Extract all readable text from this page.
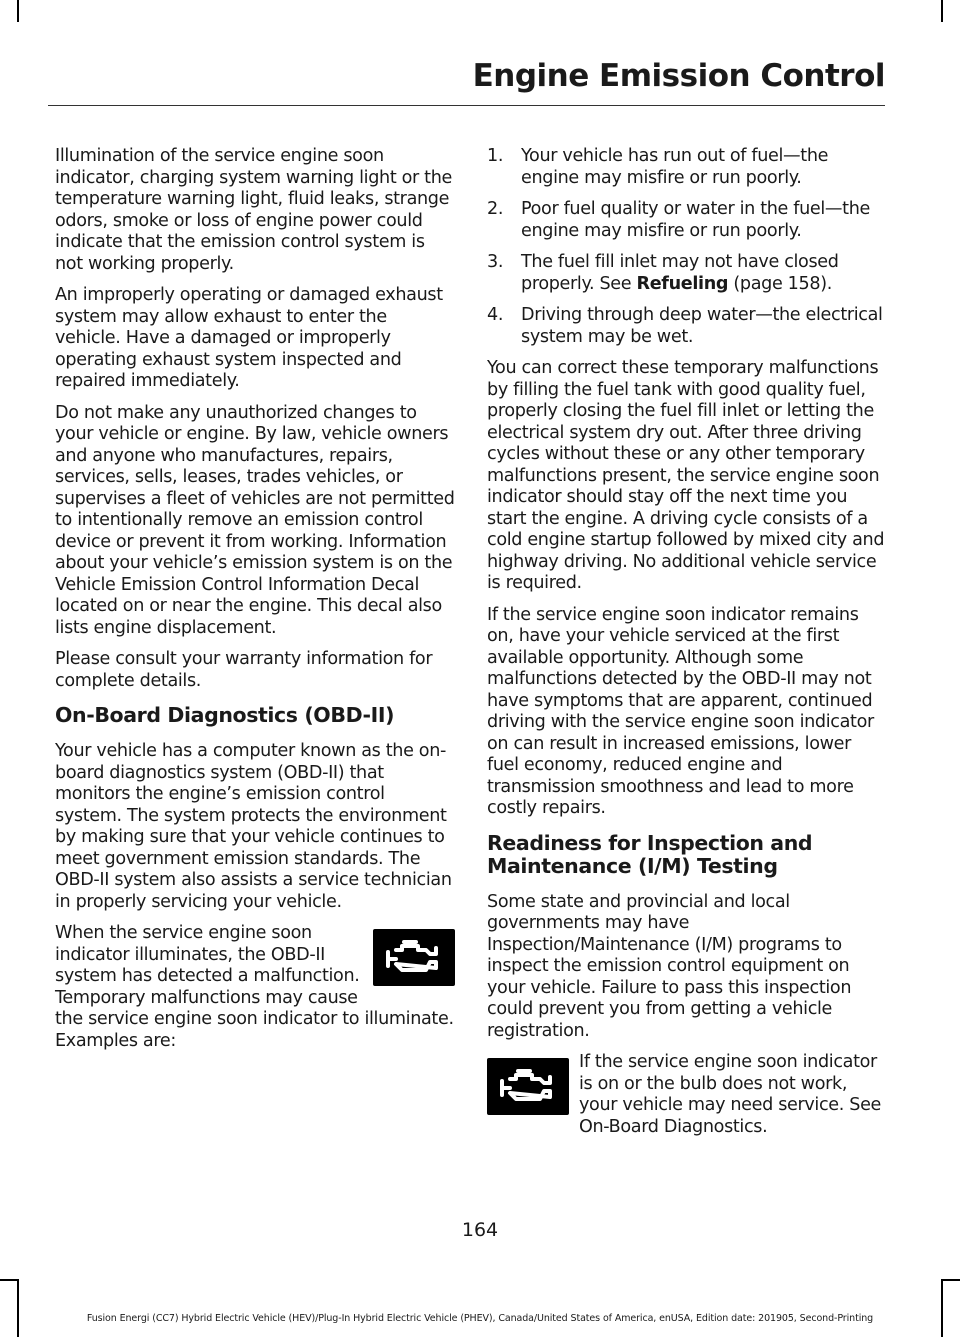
Engine Emission Control

Illumination of the service engine soon indicator, charging system warning light or the temperature warning light, fluid leaks, strange odors, smoke or loss of engine power could indicate that the emission control system is not working properly.

An improperly operating or damaged exhaust system may allow exhaust to enter the vehicle. Have a damaged or improperly operating exhaust system inspected and repaired immediately.

Do not make any unauthorized changes to your vehicle or engine. By law, vehicle owners and anyone who manufactures, repairs, services, sells, leases, trades vehicles, or supervises a fleet of vehicles are not permitted to intentionally remove an emission control device or prevent it from working. Information about your vehicle’s emission system is on the Vehicle Emission Control Information Decal located on or near the engine. This decal also lists engine displacement.

Please consult your warranty information for complete details.

On-Board Diagnostics (OBD-II)

Your vehicle has a computer known as the on-board diagnostics system (OBD-II) that monitors the engine’s emission control system. The system protects the environment by making sure that your vehicle continues to meet government emission standards. The OBD-II system also assists a service technician in properly servicing your vehicle.

When the service engine soon indicator illuminates, the OBD-II system has detected a malfunction. Temporary malfunctions may cause the service engine soon indicator to illuminate. Examples are:

1. Your vehicle has run out of fuel—the engine may misfire or run poorly.
2. Poor fuel quality or water in the fuel—the engine may misfire or run poorly.
3. The fuel fill inlet may not have closed properly. See Refueling (page 158).
4. Driving through deep water—the electrical system may be wet.

You can correct these temporary malfunctions by filling the fuel tank with good quality fuel, properly closing the fuel fill inlet or letting the electrical system dry out. After three driving cycles without these or any other temporary malfunctions present, the service engine soon indicator should stay off the next time you start the engine. A driving cycle consists of a cold engine startup followed by mixed city and highway driving. No additional vehicle service is required.

If the service engine soon indicator remains on, have your vehicle serviced at the first available opportunity. Although some malfunctions detected by the OBD-II may not have symptoms that are apparent, continued driving with the service engine soon indicator on can result in increased emissions, lower fuel economy, reduced engine and transmission smoothness and lead to more costly repairs.

Readiness for Inspection and Maintenance (I/M) Testing

Some state and provincial and local governments may have Inspection/Maintenance (I/M) programs to inspect the emission control equipment on your vehicle. Failure to pass this inspection could prevent you from getting a vehicle registration.

If the service engine soon indicator is on or the bulb does not work, your vehicle may need service. See On-Board Diagnostics.

164
Fusion Energi (CC7) Hybrid Electric Vehicle (HEV)/Plug-In Hybrid Electric Vehicle (PHEV), Canada/United States of America, enUSA, Edition date: 201905, Second-Printing
